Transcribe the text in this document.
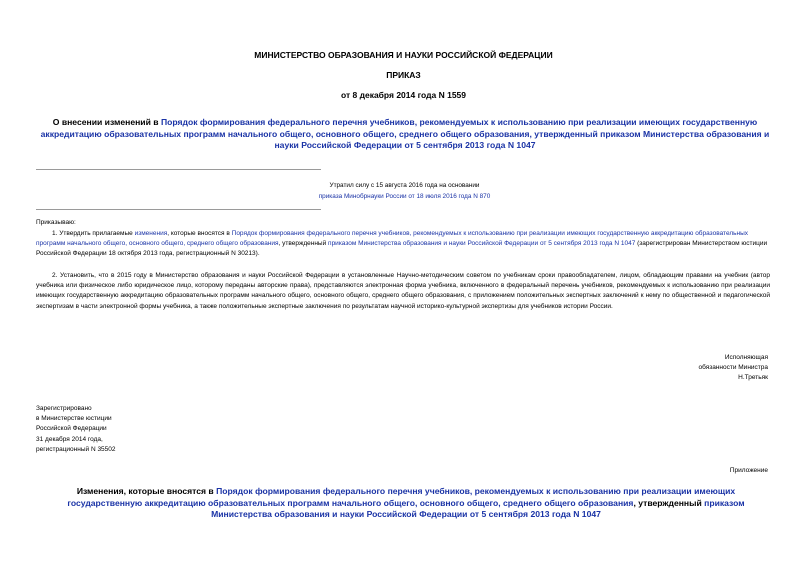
МИНИСТЕРСТВО ОБРАЗОВАНИЯ И НАУКИ РОССИЙСКОЙ ФЕДЕРАЦИИ
ПРИКАЗ
от 8 декабря 2014 года N 1559
О внесении изменений в Порядок формирования федерального перечня учебников, рекомендуемых к использованию при реализации имеющих государственную аккредитацию образовательных программ начального общего, основного общего, среднего общего образования, утвержденный приказом Министерства образования и науки Российской Федерации от 5 сентября 2013 года N 1047
Утратил силу с 15 августа 2016 года на основании
приказа Минобрнауки России от 18 июля 2016 года N 870
Приказываю:
1. Утвердить прилагаемые изменения, которые вносятся в Порядок формирования федерального перечня учебников, рекомендуемых к использованию при реализации имеющих государственную аккредитацию образовательных программ начального общего, основного общего, среднего общего образования, утвержденный приказом Министерства образования и науки Российской Федерации от 5 сентября 2013 года N 1047 (зарегистрирован Министерством юстиции Российской Федерации 18 октября 2013 года, регистрационный N 30213).
2. Установить, что в 2015 году в Министерство образования и науки Российской Федерации в установленные Научно-методическим советом по учебникам сроки правообладателем, лицом, обладающим правами на учебник (автор учебника или физическое либо юридическое лицо, которому переданы авторские права), представляются электронная форма учебника, включенного в федеральный перечень учебников, рекомендуемых к использованию при реализации имеющих государственную аккредитацию образовательных программ начального общего, основного общего, среднего общего образования, с приложением положительных экспертных заключений к нему по общественной и педагогической экспертизам в части электронной формы учебника, а также положительные экспертные заключения по результатам научной историко-культурной экспертизы для учебников истории России.
Исполняющая
обязанности Министра
Н.Третьяк
Зарегистрировано
в Министерстве юстиции
Российской Федерации
31 декабря 2014 года,
регистрационный N 35502
Приложение
Изменения, которые вносятся в Порядок формирования федерального перечня учебников, рекомендуемых к использованию при реализации имеющих государственную аккредитацию образовательных программ начального общего, основного общего, среднего общего образования, утвержденный приказом Министерства образования и науки Российской Федерации от 5 сентября 2013 года N 1047
